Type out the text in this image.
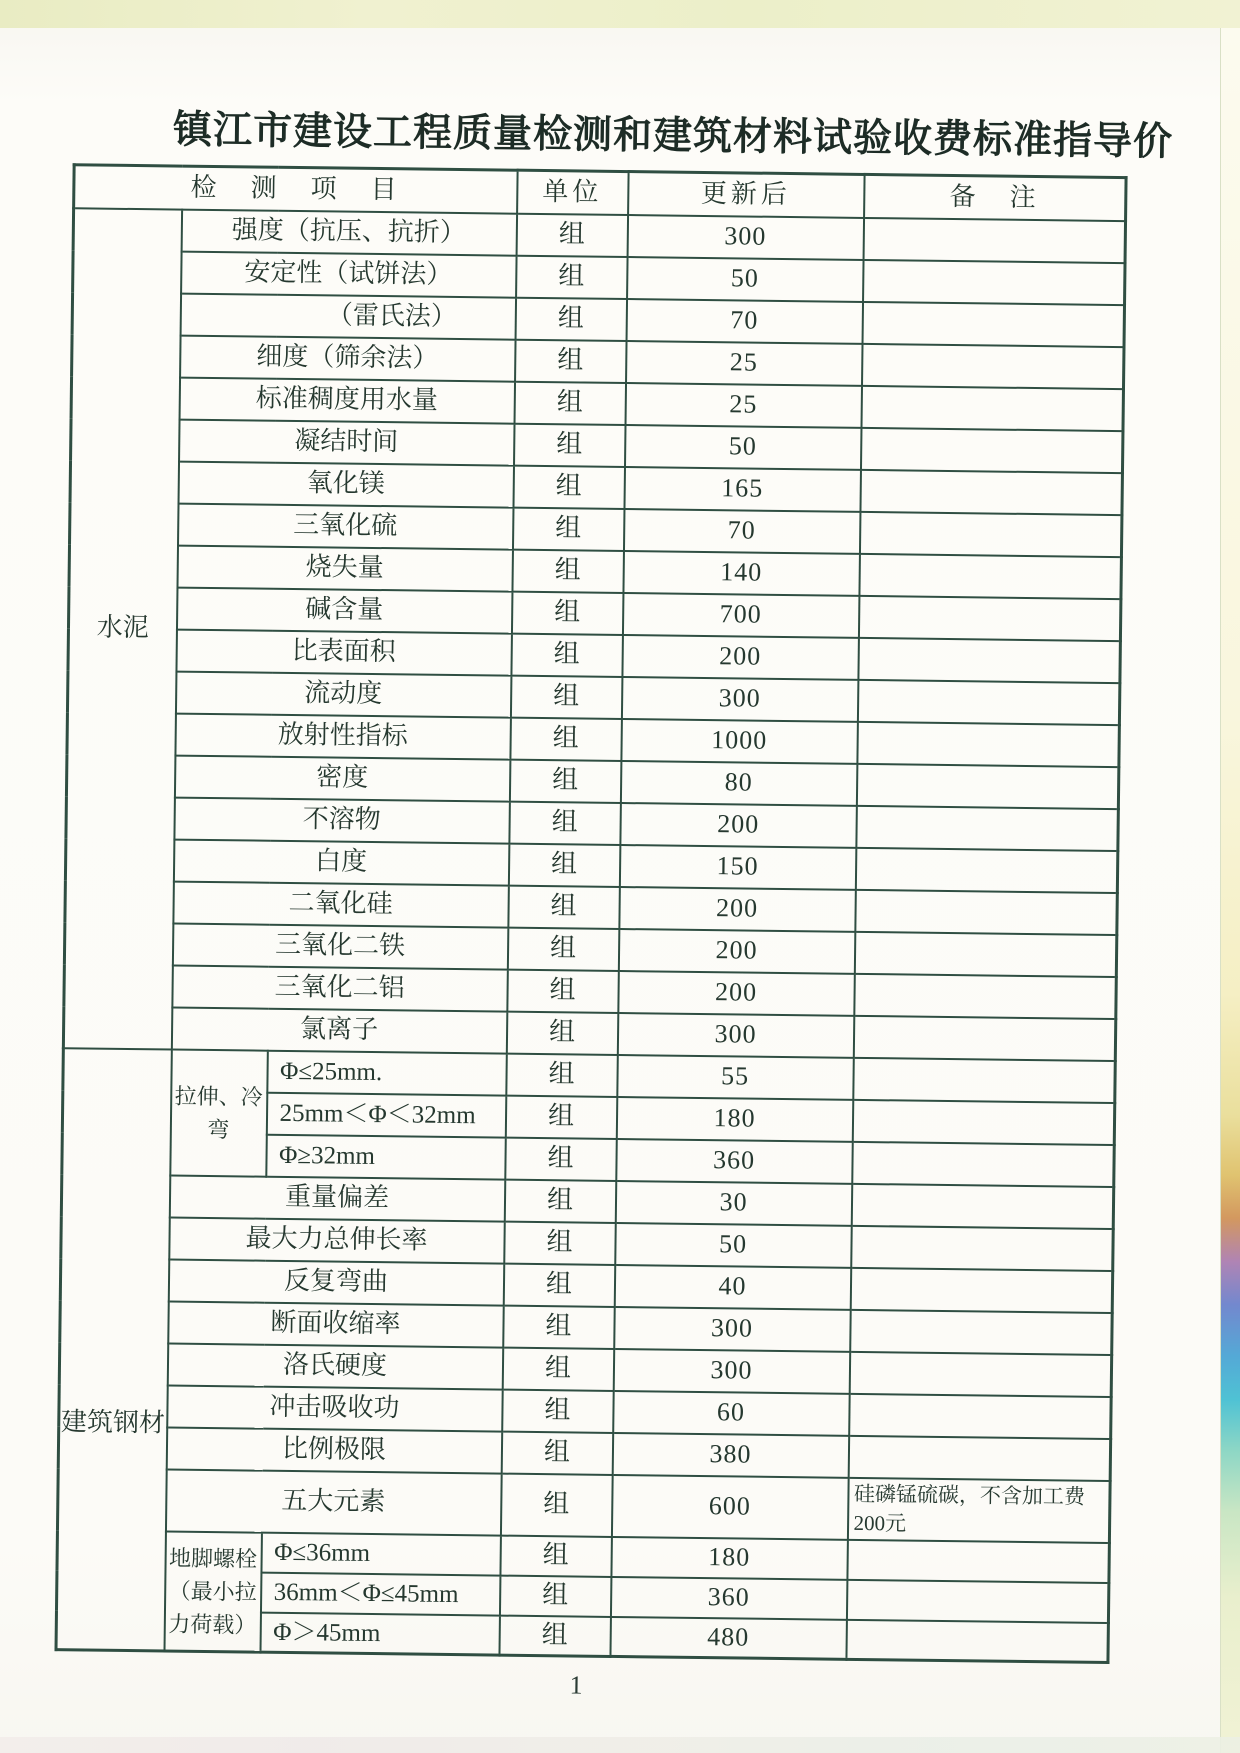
镇江市建设工程质量检测和建筑材料试验收费标准指导价
检　测　项　目			单位	更新后	备　注
水泥	强度（抗压、抗折）		组	300	
	安定性（试饼法）		组	50	
	（雷氏法）		组	70	
	细度（筛余法）		组	25	
	标准稠度用水量		组	25	
	凝结时间		组	50	
	氧化镁		组	165	
	三氧化硫		组	70	
	烧失量		组	140	
	碱含量		组	700	
	比表面积		组	200	
	流动度		组	300	
	放射性指标		组	1000	
	密度		组	80	
	不溶物		组	200	
	白度		组	150	
	二氧化硅		组	200	
	三氧化二铁		组	200	
	三氧化二铝		组	200	
	氯离子		组	300	
建筑钢材	拉伸、冷弯	Φ≤25mm.	组	55	
		25mm＜Φ＜32mm	组	180	
		Φ≥32mm	组	360	
	重量偏差		组	30	
	最大力总伸长率		组	50	
	反复弯曲		组	40	
	断面收缩率		组	300	
	洛氏硬度		组	300	
	冲击吸收功		组	60	
	比例极限		组	380	
	五大元素		组	600	硅磷锰硫碳，不含加工费
200元
	地脚螺栓（最小拉力荷载）	Φ≤36mm	组	180	
		36mm＜Φ≤45mm	组	360	
		Φ＞45mm	组	480	
1
